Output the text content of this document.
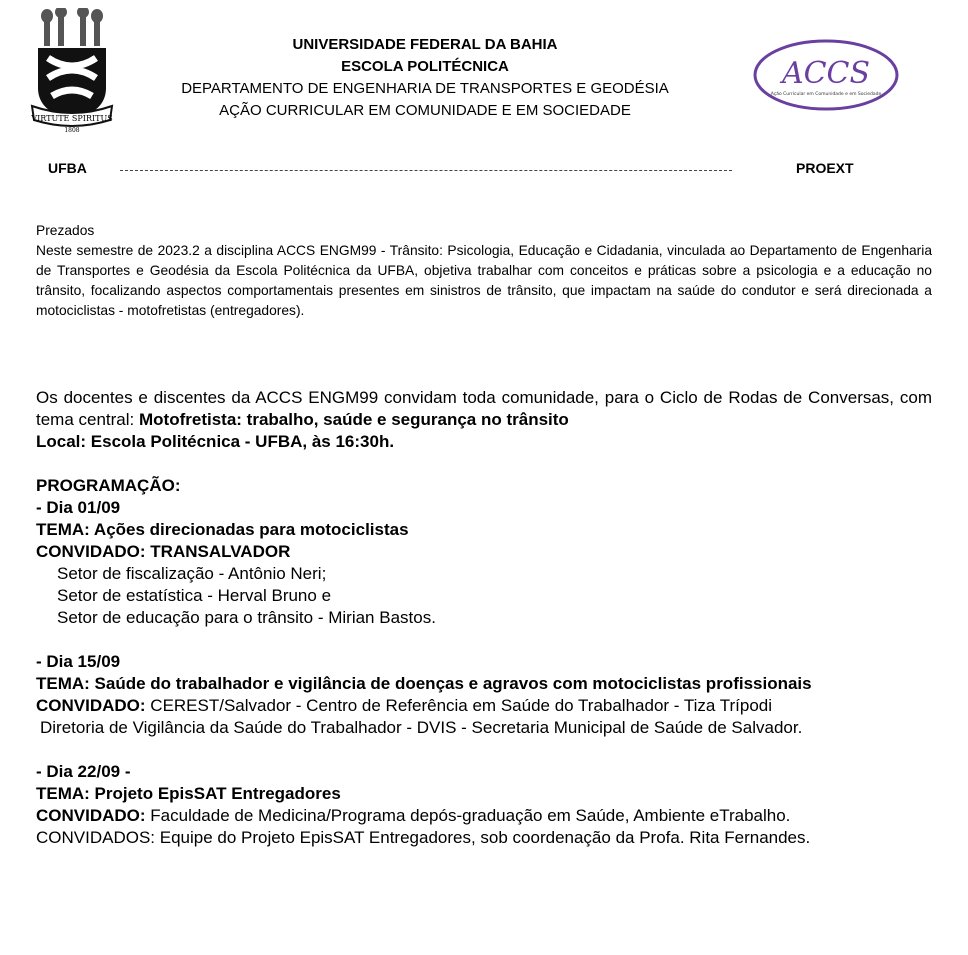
VIRTUTE SPIRITUS
1808
UNIVERSIDADE FEDERAL DA BAHIA
ESCOLA POLITÉCNICA
DEPARTAMENTO DE ENGENHARIA DE TRANSPORTES E GEODÉSIA
AÇÃO CURRICULAR EM COMUNIDADE E EM SOCIEDADE
ACCS
Ação Curricular em Comunidade e em Sociedade
UFBA	PROEXT

Prezados

Neste semestre de 2023.2 a disciplina ACCS ENGM99 - Trânsito: Psicologia, Educação e Cidadania, vinculada ao Departamento de Engenharia de Transportes e Geodésia da Escola Politécnica da UFBA, objetiva trabalhar com conceitos e práticas sobre a psicologia e a educação no trânsito, focalizando aspectos comportamentais presentes em sinistros de trânsito, que impactam na saúde do condutor e será direcionada a motociclistas - motofretistas (entregadores).

Os docentes e discentes da ACCS ENGM99 convidam toda comunidade, para o Ciclo de Rodas de Conversas, com tema central: Motofretista: trabalho, saúde e segurança no trânsito

Local: Escola Politécnica - UFBA, às 16:30h.

PROGRAMAÇÃO:

- Dia 01/09

TEMA: Ações direcionadas para motociclistas

CONVIDADO: TRANSALVADOR

Setor de fiscalização - Antônio Neri;

Setor de estatística - Herval Bruno e

Setor de educação para o trânsito - Mirian Bastos.

- Dia 15/09

TEMA: Saúde do trabalhador e vigilância de doenças e agravos com motociclistas profissionais

CONVIDADO: CEREST/Salvador - Centro de Referência em Saúde do Trabalhador - Tiza Trípodi

Diretoria de Vigilância da Saúde do Trabalhador - DVIS - Secretaria Municipal de Saúde de Salvador.

- Dia 22/09 -

TEMA: Projeto EpisSAT Entregadores

CONVIDADO: Faculdade de Medicina/Programa depós-graduação em Saúde, Ambiente eTrabalho.

CONVIDADOS: Equipe do Projeto EpisSAT Entregadores, sob coordenação da Profa. Rita Fernandes.
